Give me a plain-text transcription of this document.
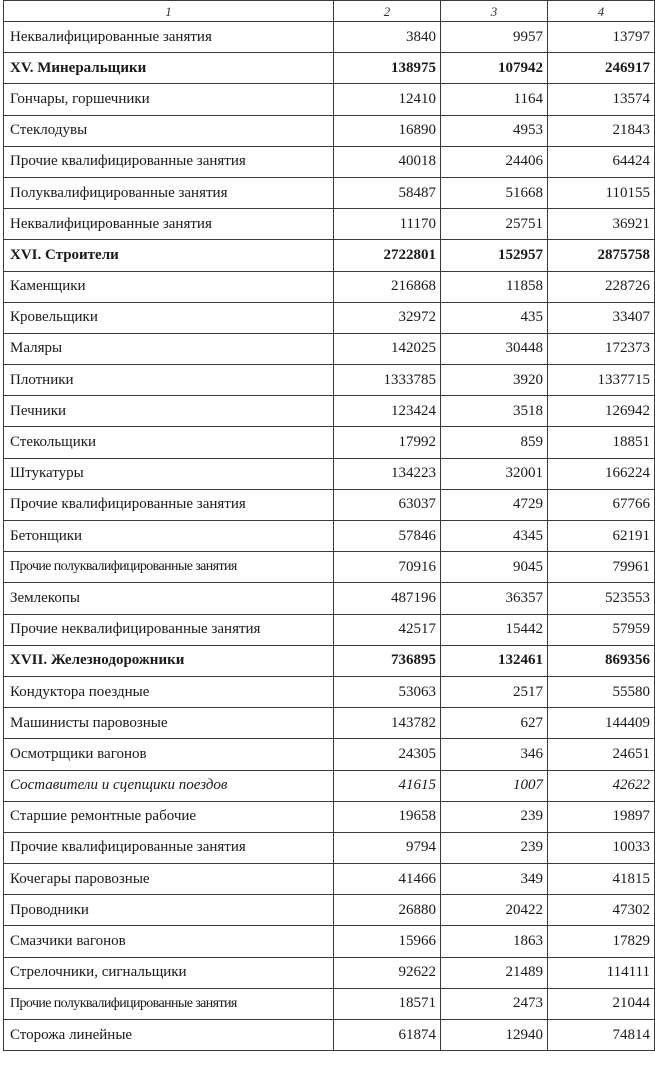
1	2	3	4
Неквалифицированные занятия	3840	9957	13797
XV. Минеральщики	138975	107942	246917
Гончары, горшечники	12410	1164	13574
Стеклодувы	16890	4953	21843
Прочие квалифицированные занятия	40018	24406	64424
Полуквалифицированные занятия	58487	51668	110155
Неквалифицированные занятия	11170	25751	36921
XVI. Строители	2722801	152957	2875758
Каменщики	216868	11858	228726
Кровельщики	32972	435	33407
Маляры	142025	30448	172373
Плотники	1333785	3920	1337715
Печники	123424	3518	126942
Стекольщики	17992	859	18851
Штукатуры	134223	32001	166224
Прочие квалифицированные занятия	63037	4729	67766
Бетонщики	57846	4345	62191
Прочие полуквалифицированные занятия	70916	9045	79961
Землекопы	487196	36357	523553
Прочие неквалифицированные занятия	42517	15442	57959
XVII. Железнодорожники	736895	132461	869356
Кондуктора поездные	53063	2517	55580
Машинисты паровозные	143782	627	144409
Осмотрщики вагонов	24305	346	24651
Составители и сцепщики поездов	41615	1007	42622
Старшие ремонтные рабочие	19658	239	19897
Прочие квалифицированные занятия	9794	239	10033
Кочегары паровозные	41466	349	41815
Проводники	26880	20422	47302
Смазчики вагонов	15966	1863	17829
Стрелочники, сигнальщики	92622	21489	114111
Прочие полуквалифицированные занятия	18571	2473	21044
Сторожа линейные	61874	12940	74814
